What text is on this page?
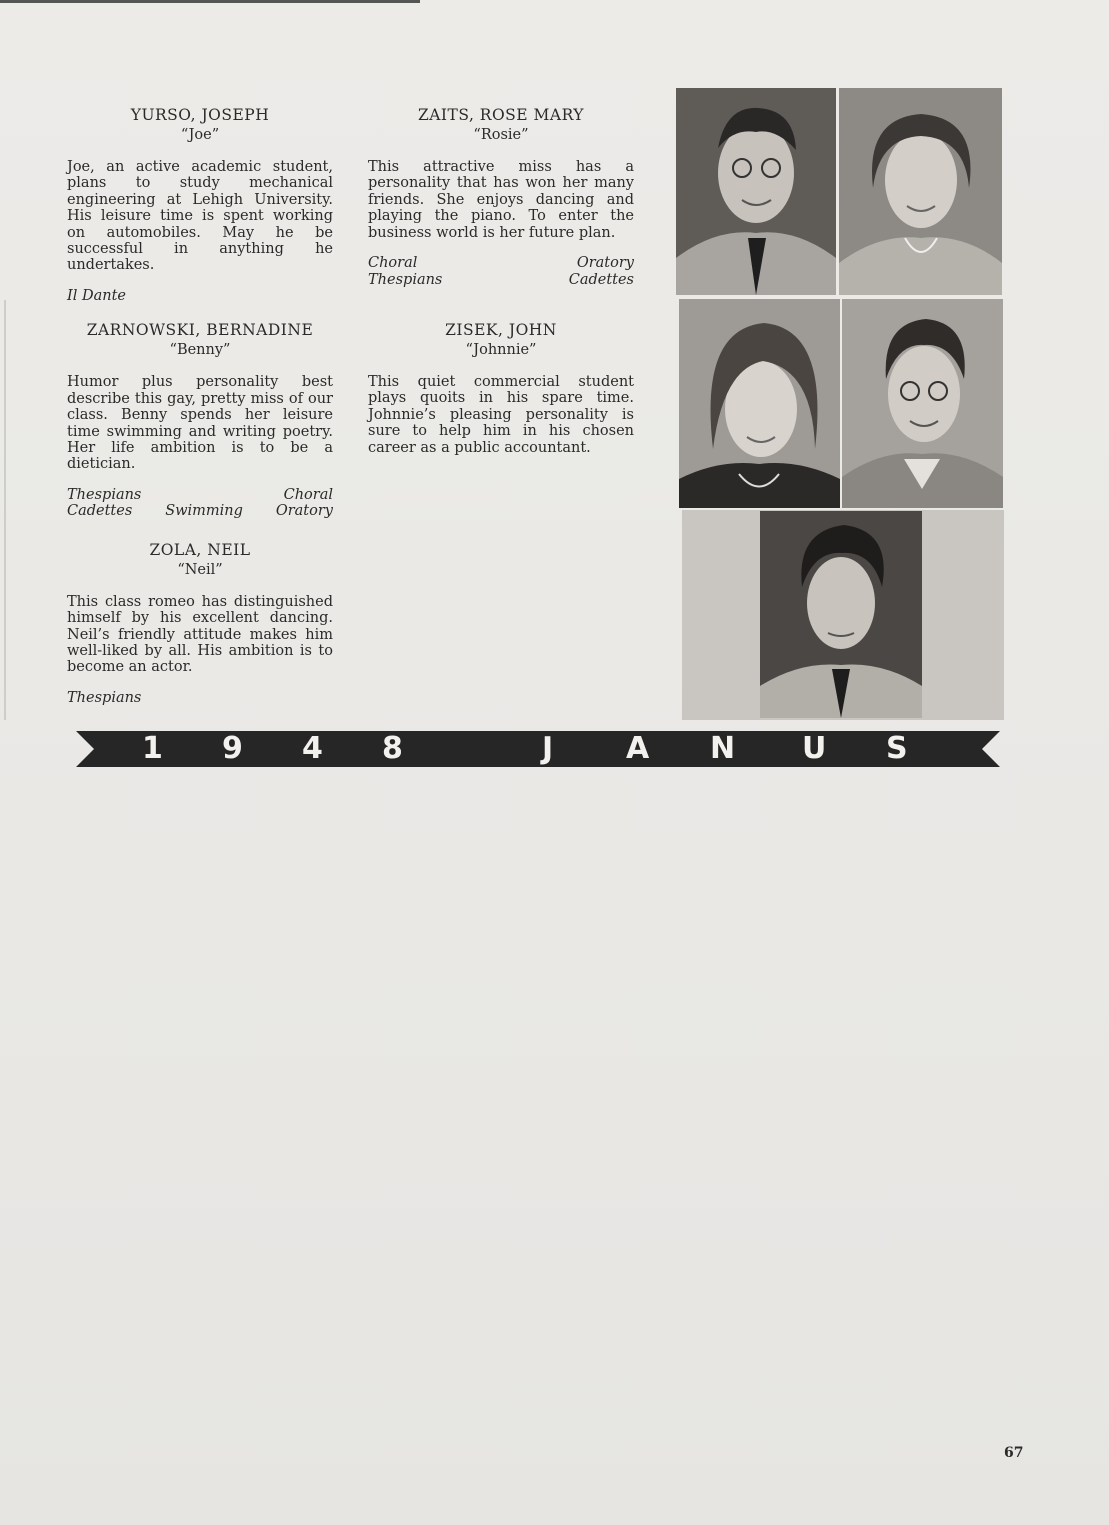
YURSO, JOSEPH
“Joe”
Joe, an active academic student, plans to study mechanical engineering at Lehigh University. His leisure time is spent working on automobiles. May he be successful in anything he undertakes.
Il Dante
ZARNOWSKI, BERNADINE
“Benny”
Humor plus personality best describe this gay, pretty miss of our class. Benny spends her leisure time swimming and writing poetry. Her life ambition is to be a dietician.
Thespians	Choral
Cadettes Swimming Oratory
ZOLA, NEIL
“Neil”
This class romeo has distinguished himself by his excellent dancing. Neil’s friendly attitude makes him well-liked by all. His ambition is to become an actor.
Thespians
ZAITS, ROSE MARY
“Rosie”
This attractive miss has a personality that has won her many friends. She enjoys dancing and playing the piano. To enter the business world is her future plan.
Choral	Oratory
Thespians	Cadettes
ZISEK, JOHN
“Johnnie”
This quiet commercial student plays quoits in his spare time. Johnnie’s pleasing personality is sure to help him in his chosen career as a public accountant.
1 9 4 8	J A N U S
67
